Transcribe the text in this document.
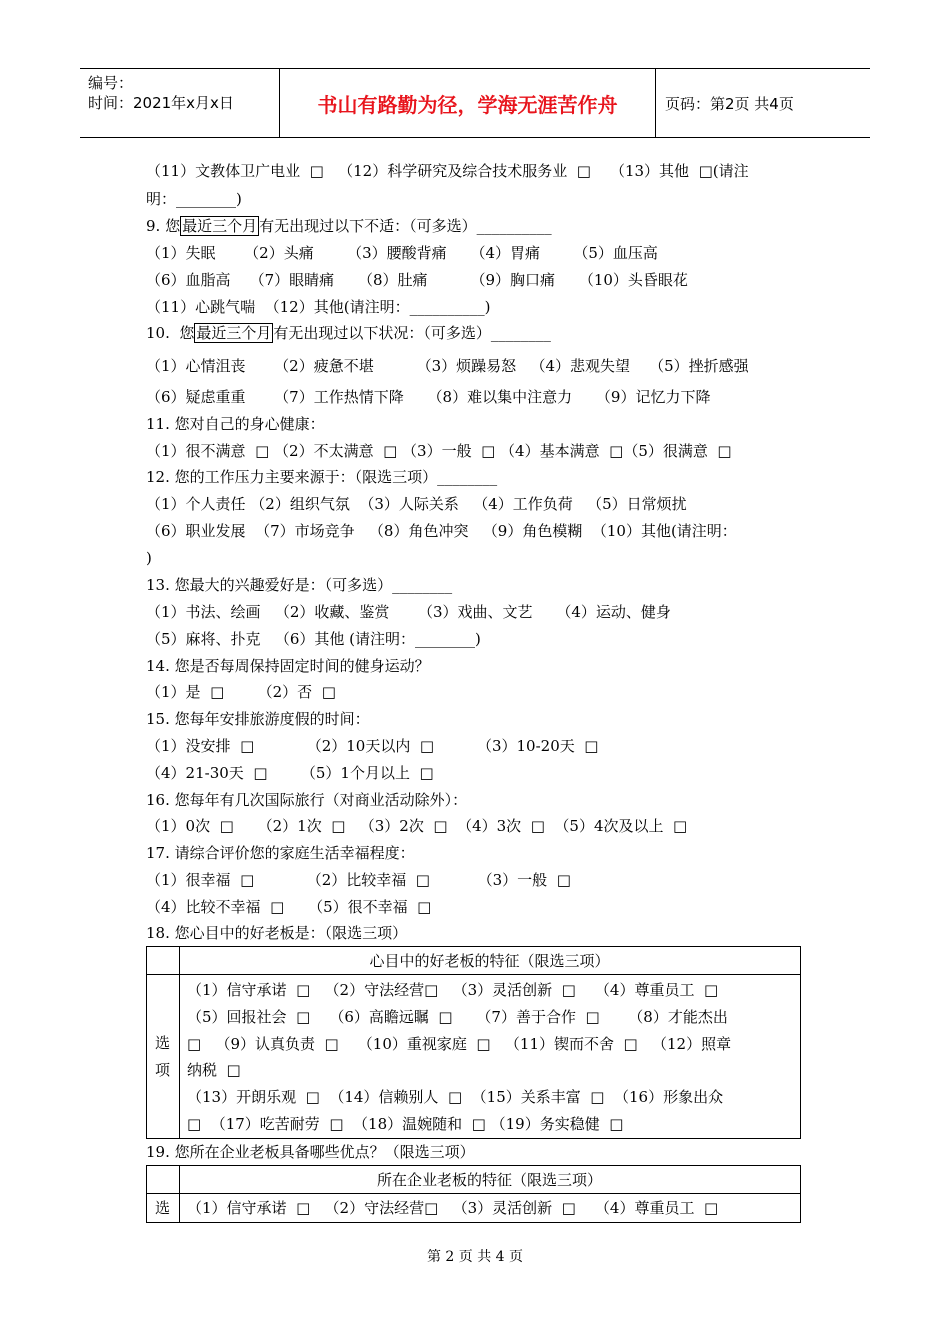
编号：
时间：2021年x月x日	书山有路勤为径，学海无涯苦作舟	页码：第2页 共4页
（11）文教体卫广电业  □   （12）科学研究及综合技术服务业  □    （13）其他  □(请注
明：________)
9. 您 最近三个月 有无出现过以下不适：（可多选）__________
（1）失眠      （2）头痛       （3）腰酸背痛     （4）胃痛       （5）血压高
（6）血脂高    （7）眼睛痛     （8）肚痛         （9）胸口痛     （10）头昏眼花
（11）心跳气喘  （12）其他(请注明：__________)
10.  您 最近三个月 有无出现过以下状况：（可多选）________
（1）心情沮丧      （2）疲惫不堪         （3）烦躁易怒   （4）悲观失望    （5）挫折感强
（6）疑虑重重      （7）工作热情下降     （8）难以集中注意力     （9）记忆力下降
11. 您对自己的身心健康：
（1）很不满意  □ （2）不太满意  □ （3）一般  □ （4）基本满意  □（5）很满意  □
12. 您的工作压力主要来源于：（限选三项）________
（1）个人责任 （2）组织气氛  （3）人际关系   （4）工作负荷   （5）日常烦扰
（6）职业发展  （7）市场竞争   （8）角色冲突   （9）角色模糊  （10）其他(请注明：
)
13. 您最大的兴趣爱好是：（可多选）________
（1）书法、绘画   （2）收藏、鉴赏      （3）戏曲、文艺     （4）运动、健身
（5）麻将、扑克   （6）其他 (请注明：________)
14. 您是否每周保持固定时间的健身运动？
（1）是  □       （2）否  □
15. 您每年安排旅游度假的时间：
（1）没安排  □           （2）10天以内  □         （3）10-20天  □
（4）21-30天  □       （5）1个月以上  □
16. 您每年有几次国际旅行（对商业活动除外）：
（1）0次  □     （2）1次  □   （3）2次  □  （4）3次  □  （5）4次及以上  □
17. 请综合评价您的家庭生活幸福程度：
（1）很幸福  □           （2）比较幸福  □          （3）一般  □
（4）比较不幸福  □     （5）很不幸福  □
18. 您心目中的好老板是：（限选三项）
心目中的好老板的特征（限选三项）
选
项
（1）信守承诺  □   （2）守法经营□   （3）灵活创新  □    （4）尊重员工  □
（5）回报社会  □    （6）高瞻远瞩  □     （7）善于合作  □      （8）才能杰出
□   （9）认真负责  □    （10）重视家庭  □   （11）锲而不舍  □   （12）照章
纳税  □
（13）开朗乐观  □  （14）信赖别人  □  （15）关系丰富  □  （16）形象出众
□  （17）吃苦耐劳  □  （18）温婉随和  □ （19）务实稳健  □
19. 您所在企业老板具备哪些优点？（限选三项）
所在企业老板的特征（限选三项）
选 （1）信守承诺  □   （2）守法经营□   （3）灵活创新  □    （4）尊重员工  □
第 2 页 共 4 页
